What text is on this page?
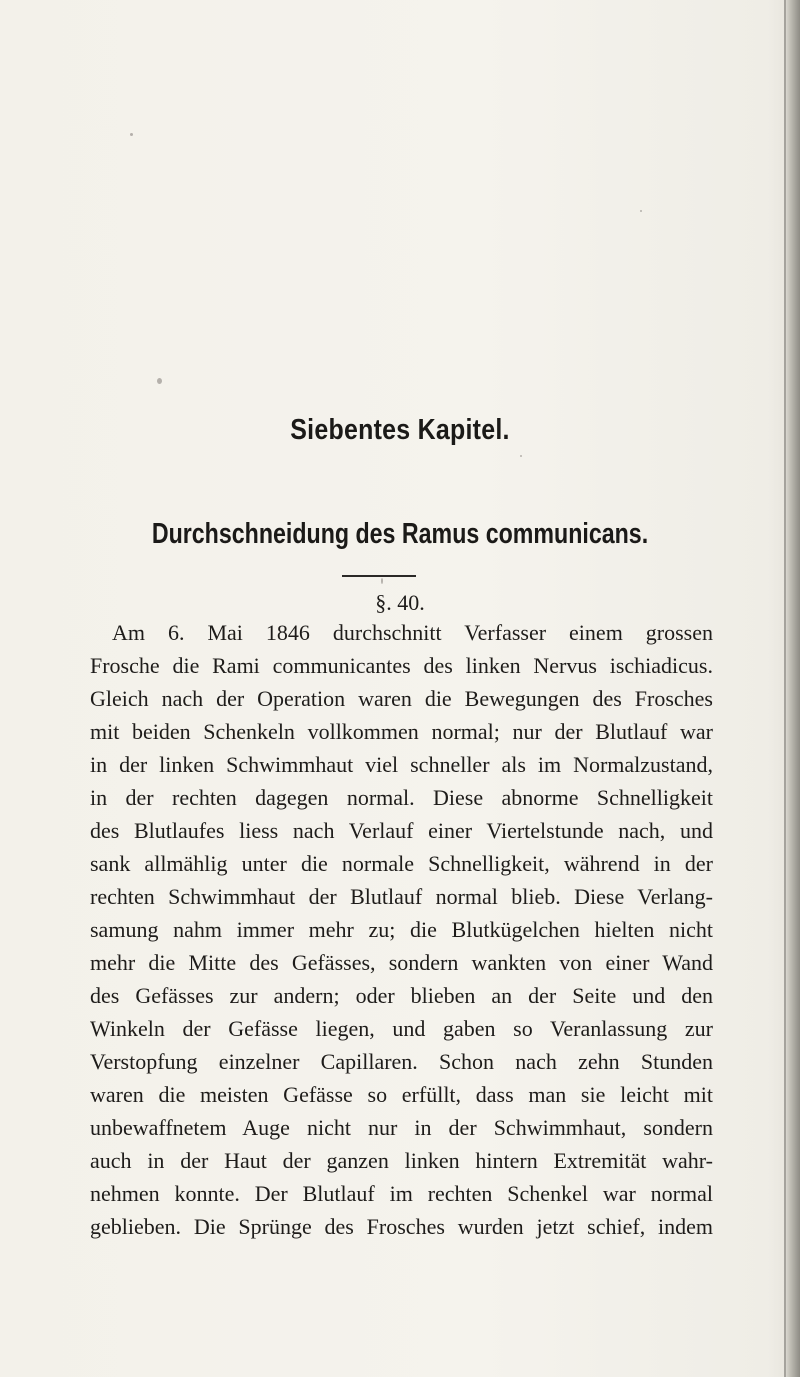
Siebentes Kapitel.
Durchschneidung des Ramus communicans.
§. 40.
Am 6. Mai 1846 durchschnitt Verfasser einem grossen
Frosche die Rami communicantes des linken Nervus ischiadicus.
Gleich nach der Operation waren die Bewegungen des Frosches
mit beiden Schenkeln vollkommen normal; nur der Blutlauf war
in der linken Schwimmhaut viel schneller als im Normalzustand,
in der rechten dagegen normal. Diese abnorme Schnelligkeit
des Blutlaufes liess nach Verlauf einer Viertelstunde nach, und
sank allmählig unter die normale Schnelligkeit, während in der
rechten Schwimmhaut der Blutlauf normal blieb. Diese Verlang-
samung nahm immer mehr zu; die Blutkügelchen hielten nicht
mehr die Mitte des Gefässes, sondern wankten von einer Wand
des Gefässes zur andern; oder blieben an der Seite und den
Winkeln der Gefässe liegen, und gaben so Veranlassung zur
Verstopfung einzelner Capillaren. Schon nach zehn Stunden
waren die meisten Gefässe so erfüllt, dass man sie leicht mit
unbewaffnetem Auge nicht nur in der Schwimmhaut, sondern
auch in der Haut der ganzen linken hintern Extremität wahr-
nehmen konnte. Der Blutlauf im rechten Schenkel war normal
geblieben. Die Sprünge des Frosches wurden jetzt schief, indem
